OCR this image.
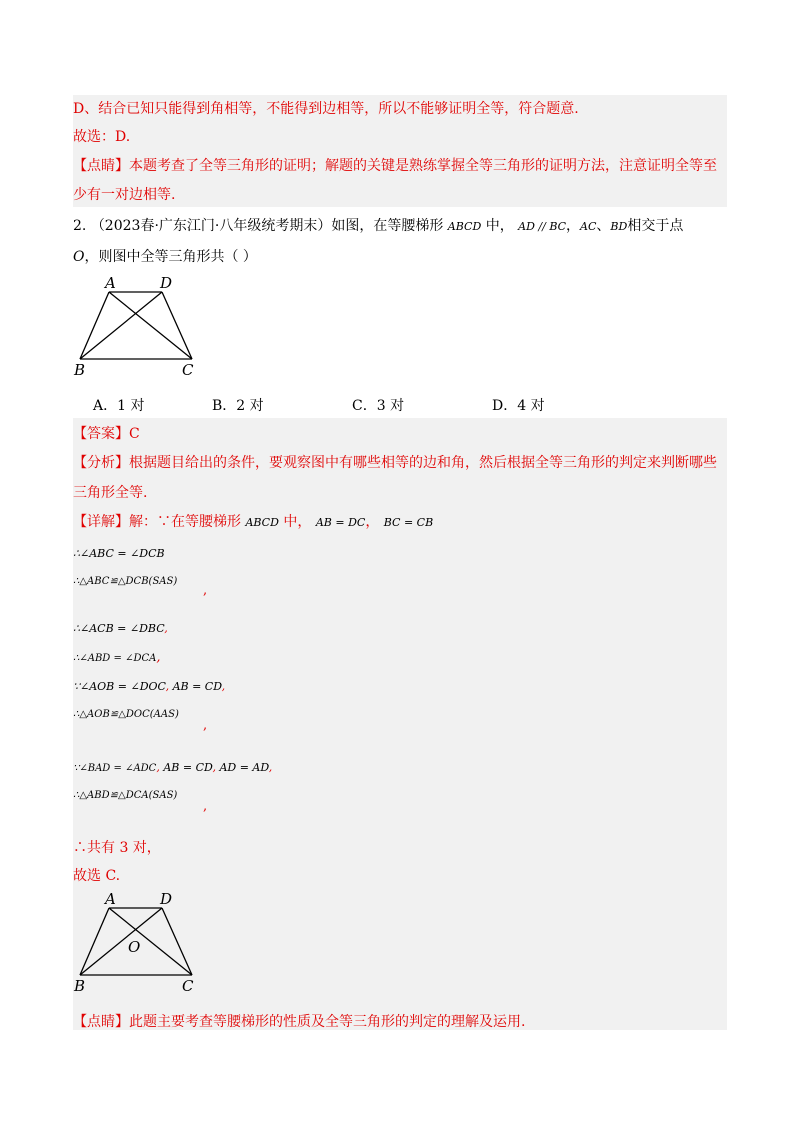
D、结合已知只能得到角相等，不能得到边相等，所以不能够证明全等，符合题意.
故选：D.
【点睛】本题考查了全等三角形的证明；解题的关键是熟练掌握全等三角形的证明方法，注意证明全等至
少有一对边相等.
2. （2023春·广东江门·八年级统考期末）如图，在等腰梯形 ABCD 中， AD // BC，AC、BD相交于点
O，则图中全等三角形共（ ）
A	D
B	C
A．1 对	B．2 对	C．3 对	D．4 对
【答案】C
【分析】根据题目给出的条件，要观察图中有哪些相等的边和角，然后根据全等三角形的判定来判断哪些
三角形全等.
【详解】解：∵在等腰梯形 ABCD 中， AB = DC， BC = CB
∴∠ABC = ∠DCB
∴△ABC≌△DCB(SAS)
,
∴∠ACB = ∠DBC,
∴∠ABD = ∠DCA,
∵∠AOB = ∠DOC, AB = CD,
∴△AOB≌△DOC(AAS)
,
∵∠BAD = ∠ADC, AB = CD, AD = AD,
∴△ABD≌△DCA(SAS)
,
∴共有 3 对，
故选 C.
A	D
O
B	C
【点睛】此题主要考查等腰梯形的性质及全等三角形的判定的理解及运用.
